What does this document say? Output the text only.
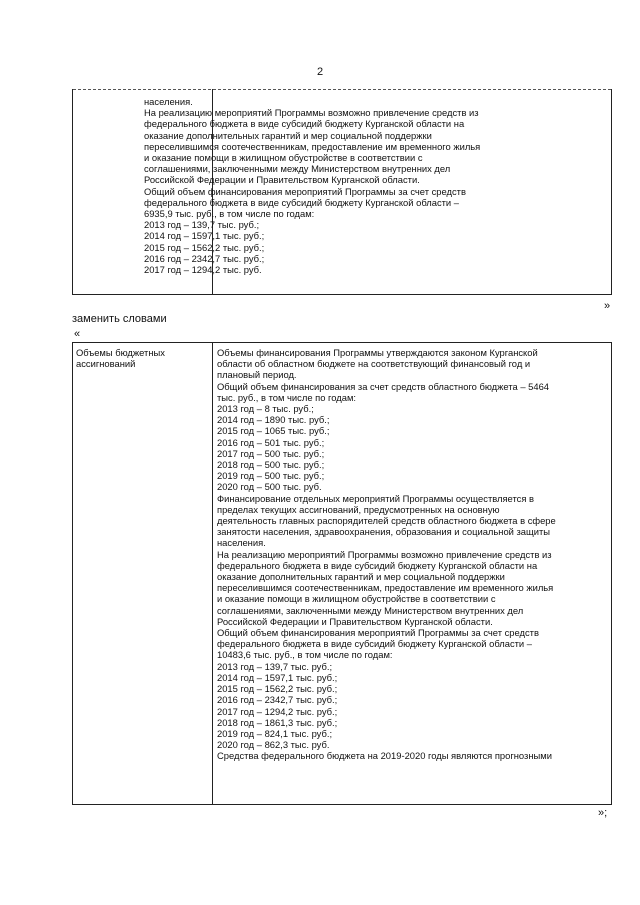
2
населения.
На реализацию мероприятий Программы возможно привлечение средств из
федерального бюджета в виде субсидий бюджету Курганской области на
оказание дополнительных гарантий и мер социальной поддержки
переселившимся соотечественникам, предоставление им временного жилья
и оказание помощи в жилищном обустройстве в соответствии с
соглашениями, заключенными между Министерством внутренних дел
Российской Федерации и Правительством Курганской области.
Общий объем финансирования мероприятий Программы за счет средств
федерального бюджета в виде субсидий бюджету Курганской области –
6935,9 тыс. руб., в том числе по годам:
2013 год – 139,7 тыс. руб.;
2014 год – 1597,1 тыс. руб.;
2015 год – 1562,2 тыс. руб.;
2016 год – 2342,7 тыс. руб.;
2017 год – 1294,2 тыс. руб.
»
заменить словами
«
Объемы бюджетных
ассигнований
Объемы финансирования Программы утверждаются законом Курганской
области об областном бюджете на соответствующий финансовый год и
плановый период.
Общий объем финансирования за счет средств областного бюджета – 5464
тыс. руб., в том числе по годам:
2013 год – 8 тыс. руб.;
2014 год – 1890 тыс. руб.;
2015 год – 1065 тыс. руб.;
2016 год – 501 тыс. руб.;
2017 год – 500 тыс. руб.;
2018 год – 500 тыс. руб.;
2019 год – 500 тыс. руб.;
2020 год – 500 тыс. руб.
Финансирование отдельных мероприятий Программы осуществляется в
пределах текущих ассигнований, предусмотренных на основную
деятельность главных распорядителей средств областного бюджета в сфере
занятости населения, здравоохранения, образования и социальной защиты
населения.
На реализацию мероприятий Программы возможно привлечение средств из
федерального бюджета в виде субсидий бюджету Курганской области на
оказание дополнительных гарантий и мер социальной поддержки
переселившимся соотечественникам, предоставление им временного жилья
и оказание помощи в жилищном обустройстве в соответствии с
соглашениями, заключенными между Министерством внутренних дел
Российской Федерации и Правительством Курганской области.
Общий объем финансирования мероприятий Программы за счет средств
федерального бюджета в виде субсидий бюджету Курганской области –
10483,6 тыс. руб., в том числе по годам:
2013 год – 139,7 тыс. руб.;
2014 год – 1597,1 тыс. руб.;
2015 год – 1562,2 тыс. руб.;
2016 год – 2342,7 тыс. руб.;
2017 год – 1294,2 тыс. руб.;
2018 год – 1861,3 тыс. руб.;
2019 год – 824,1 тыс. руб.;
2020 год – 862,3 тыс. руб.
Средства федерального бюджета на 2019-2020 годы являются прогнозными
»;
